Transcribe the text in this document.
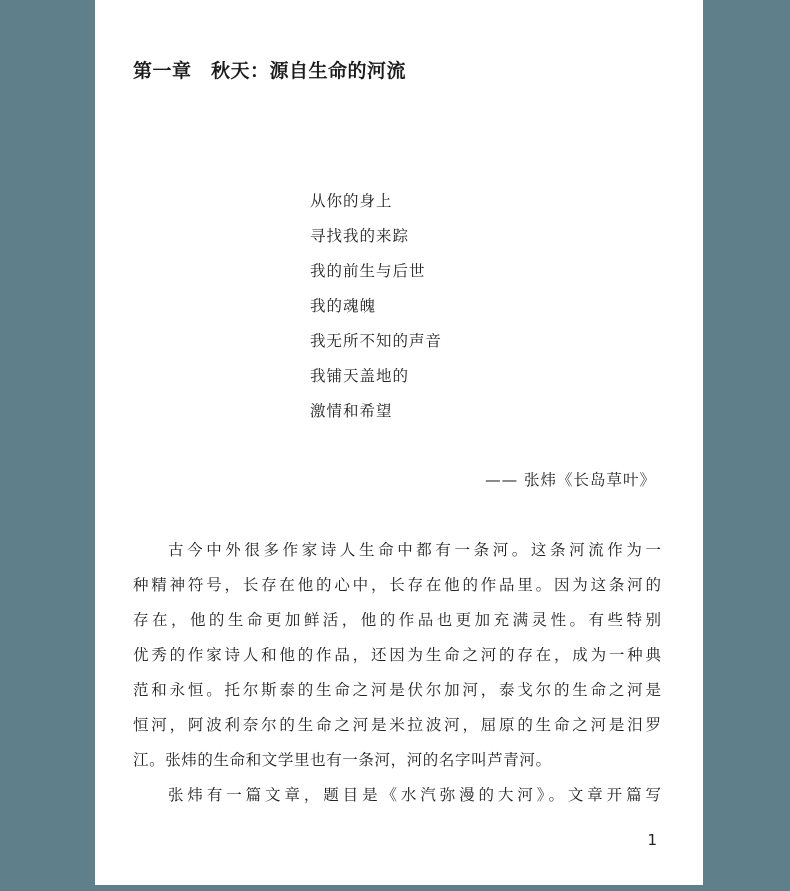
第一章　秋天：源自生命的河流
从你的身上
寻找我的来踪
我的前生与后世
我的魂魄
我无所不知的声音
我铺天盖地的
激情和希望
—— 张炜《长岛草叶》
古今中外很多作家诗人生命中都有一条河。这条河流作为一
种精神符号，长存在他的心中，长存在他的作品里。因为这条河的
存在，他的生命更加鲜活，他的作品也更加充满灵性。有些特别
优秀的作家诗人和他的作品，还因为生命之河的存在，成为一种典
范和永恒。托尔斯泰的生命之河是伏尔加河，泰戈尔的生命之河是
恒河，阿波利奈尔的生命之河是米拉波河，屈原的生命之河是汨罗
江。张炜的生命和文学里也有一条河，河的名字叫芦青河。
张炜有一篇文章，题目是《水汽弥漫的大河》。文章开篇写
1
